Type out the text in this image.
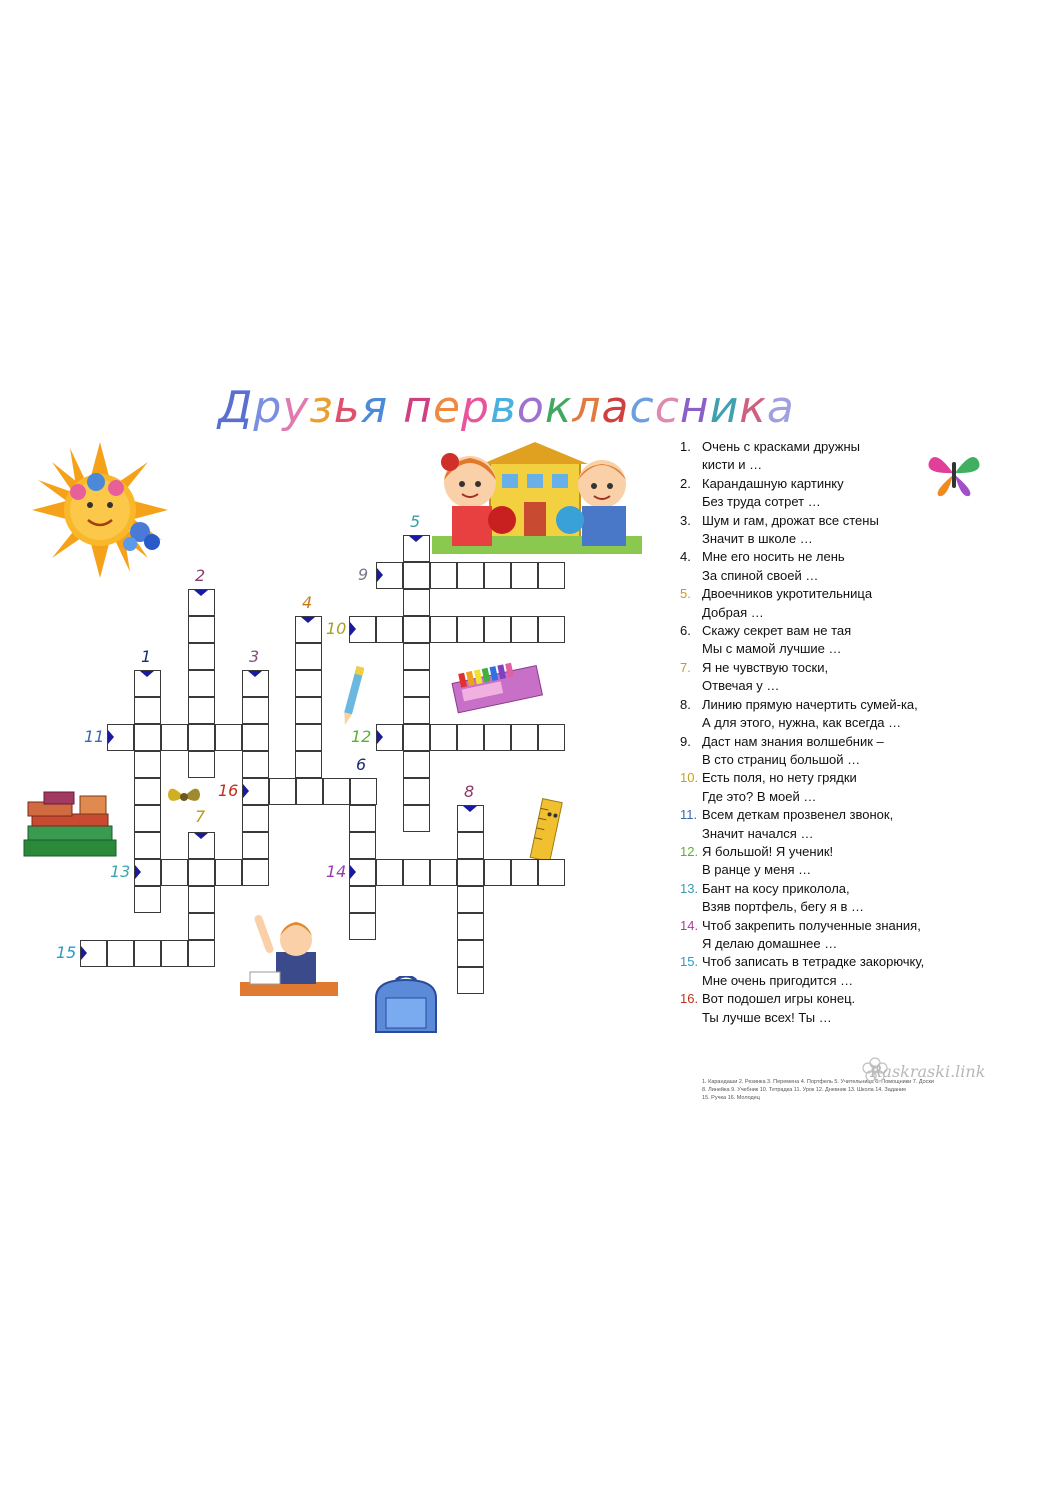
Друзья первоклассника
1
2
3
4
5
6
7
8
9
10
11	12
13	14
15
16
1. Очень с красками дружны
кисти и …
2. Карандашную картинку
Без труда сотрет …
3. Шум и гам, дрожат все стены
Значит в школе …
4. Мне его носить не лень
За спиной своей …
5. Двоечников укротительница
Добрая …
6. Скажу секрет вам не тая
Мы с мамой лучшие …
7. Я не чувствую тоски,
Отвечая у …
8. Линию прямую начертить сумей-ка,
А для этого, нужна, как всегда …
9. Даст нам знания волшебник –
В сто страниц большой …
10. Есть поля, но нету грядки
Где это? В моей …
11. Всем деткам прозвенел звонок,
Значит начался …
12. Я большой! Я ученик!
В ранце у меня …
13. Бант на косу приколола,
Взяв портфель, бегу я в …
14. Чтоб закрепить полученные знания,
Я делаю домашнее …
15. Чтоб записать в тетрадке закорючку,
Мне очень пригодится …
16. Вот подошел игры конец.
Ты лучше всех! Ты …
1. Карандаши 2. Резинка 3. Перемена 4. Портфель 5. Учительница 6. Помощники 7. Доски
8. Линейка 9. Учебник 10. Тетрадка 11. Урок 12. Дневник 13. Школа 14. Задание
15. Ручка 16. Молодец
Raskraski.link
